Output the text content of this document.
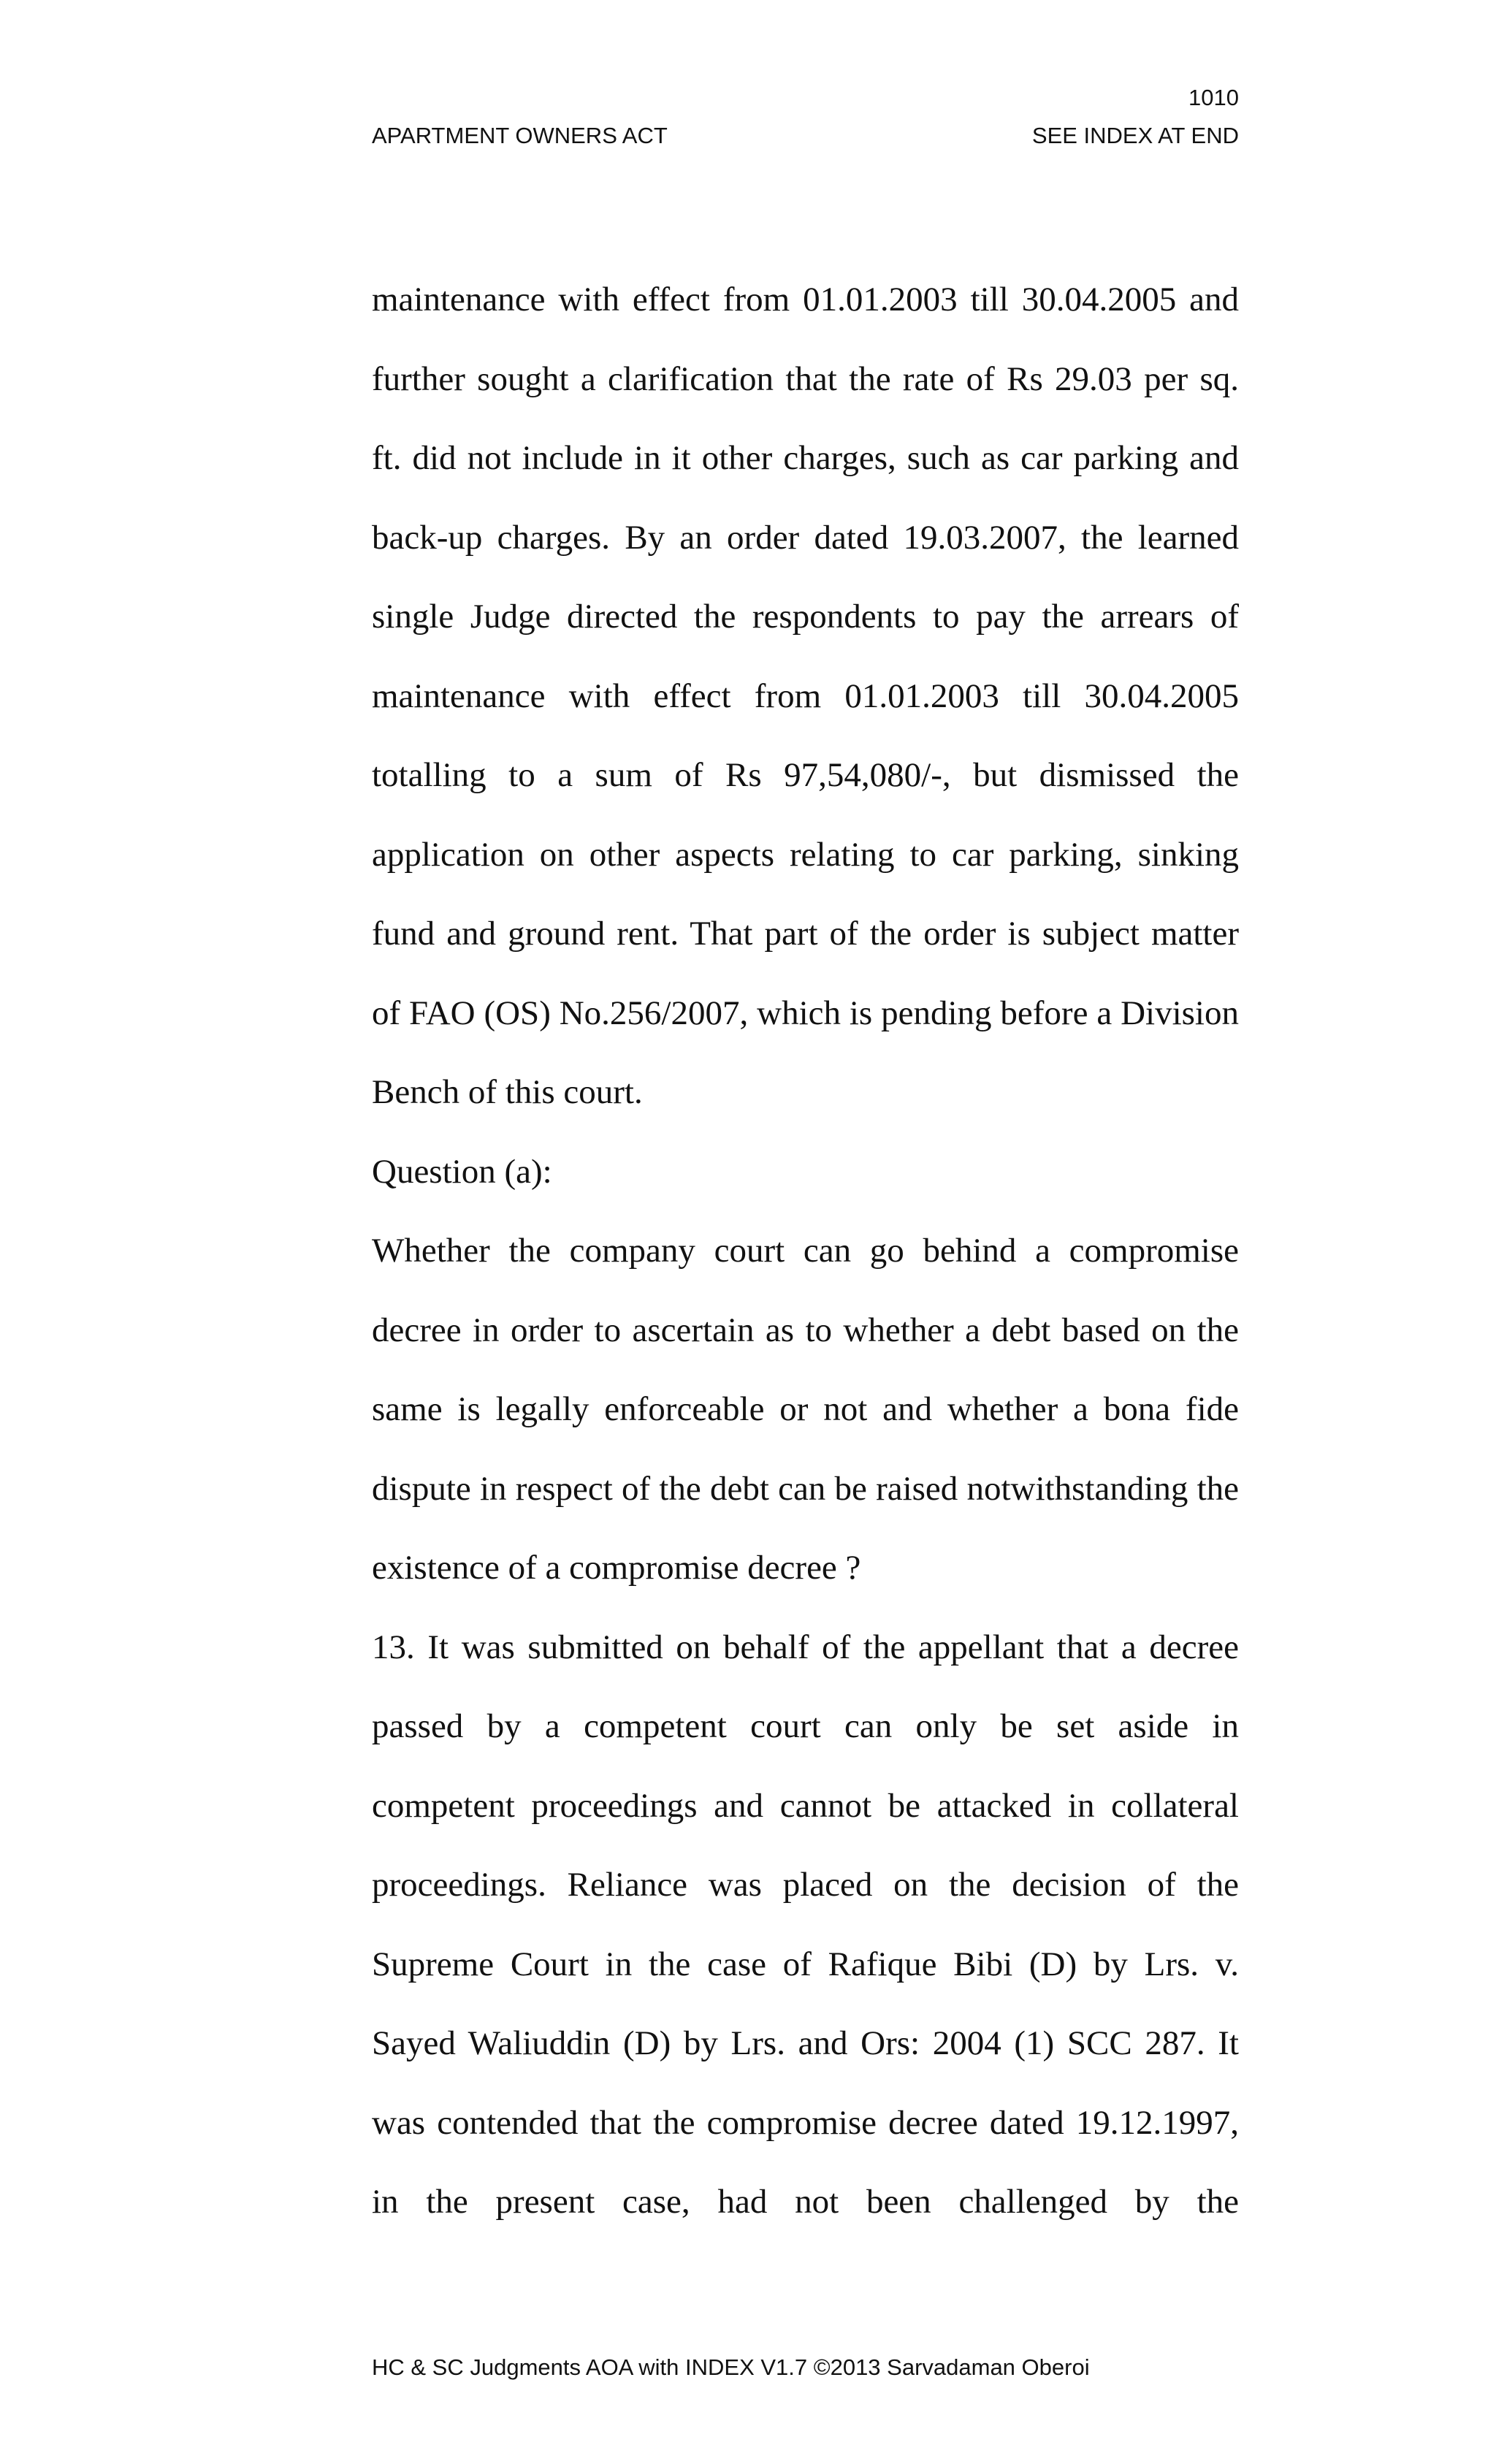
1010
APARTMENT OWNERS ACT	SEE INDEX AT END

maintenance with effect from 01.01.2003 till 30.04.2005 and further sought a clarification that the rate of Rs 29.03 per sq. ft. did not include in it other charges, such as car parking and back-up charges. By an order dated 19.03.2007, the learned single Judge directed the respondents to pay the arrears of maintenance with effect from 01.01.2003 till 30.04.2005 totalling to a sum of Rs 97,54,080/-, but dismissed the application on other aspects relating to car parking, sinking fund and ground rent. That part of the order is subject matter of FAO (OS) No.256/2007, which is pending before a Division Bench of this court.

Question (a):

Whether the company court can go behind a compromise decree in order to ascertain as to whether a debt based on the same is legally enforceable or not and whether a bona fide dispute in respect of the debt can be raised notwithstanding the existence of a compromise decree ?

13. It was submitted on behalf of the appellant that a decree passed by a competent court can only be set aside in competent proceedings and cannot be attacked in collateral proceedings. Reliance was placed on the decision of the Supreme Court in the case of Rafique Bibi (D) by Lrs. v. Sayed Waliuddin (D) by Lrs. and Ors: 2004 (1) SCC 287. It was contended that the compromise decree dated 19.12.1997, in the present case, had not been challenged by the

HC & SC Judgments AOA with INDEX V1.7 ©2013 Sarvadaman Oberoi
